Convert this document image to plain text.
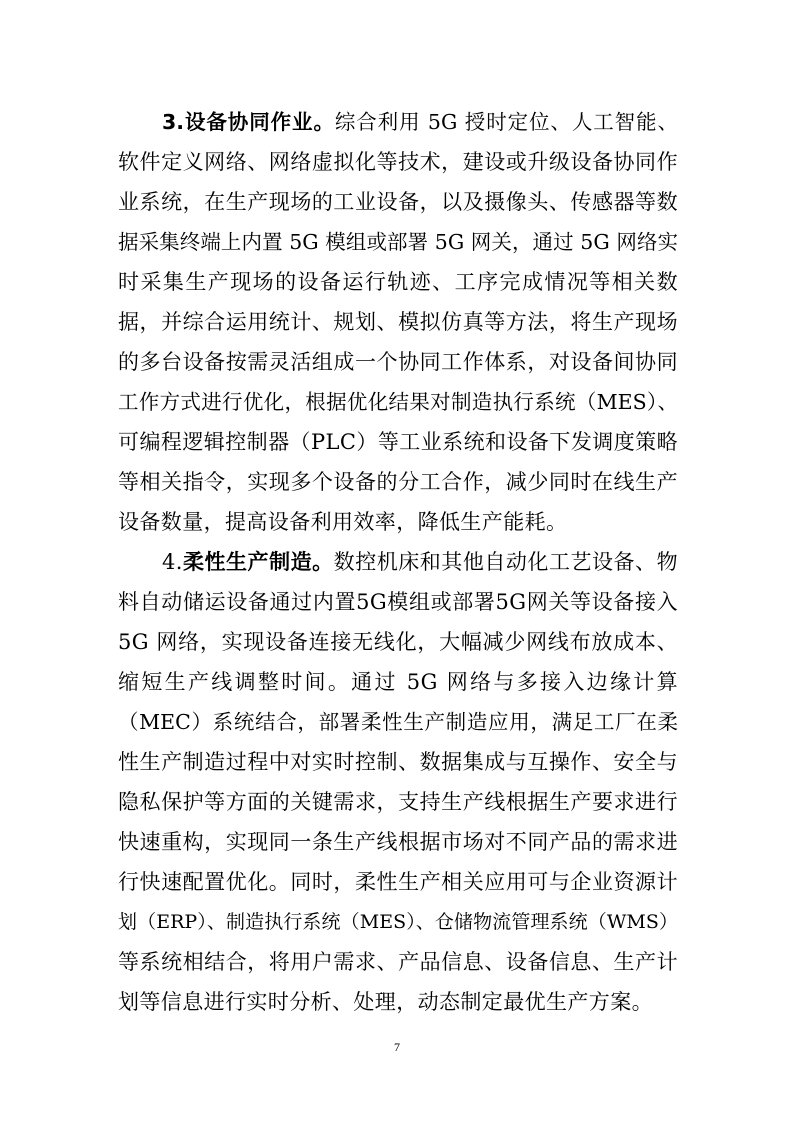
3.设备协同作业。综合利用 5G 授时定位、人工智能、
软件定义网络、网络虚拟化等技术，建设或升级设备协同作
业系统，在生产现场的工业设备，以及摄像头、传感器等数
据采集终端上内置 5G 模组或部署 5G 网关，通过 5G 网络实
时采集生产现场的设备运行轨迹、工序完成情况等相关数
据，并综合运用统计、规划、模拟仿真等方法，将生产现场
的多台设备按需灵活组成一个协同工作体系，对设备间协同
工作方式进行优化，根据优化结果对制造执行系统（MES）、
可编程逻辑控制器（PLC）等工业系统和设备下发调度策略
等相关指令，实现多个设备的分工合作，减少同时在线生产
设备数量，提高设备利用效率，降低生产能耗。
4.柔性生产制造。数控机床和其他自动化工艺设备、物
料自动储运设备通过内置5G模组或部署5G网关等设备接入
5G 网络，实现设备连接无线化，大幅减少网线布放成本、
缩短生产线调整时间。通过 5G 网络与多接入边缘计算
（MEC）系统结合，部署柔性生产制造应用，满足工厂在柔
性生产制造过程中对实时控制、数据集成与互操作、安全与
隐私保护等方面的关键需求，支持生产线根据生产要求进行
快速重构，实现同一条生产线根据市场对不同产品的需求进
行快速配置优化。同时，柔性生产相关应用可与企业资源计
划（ERP）、制造执行系统（MES）、仓储物流管理系统（WMS）
等系统相结合，将用户需求、产品信息、设备信息、生产计
划等信息进行实时分析、处理，动态制定最优生产方案。
7
